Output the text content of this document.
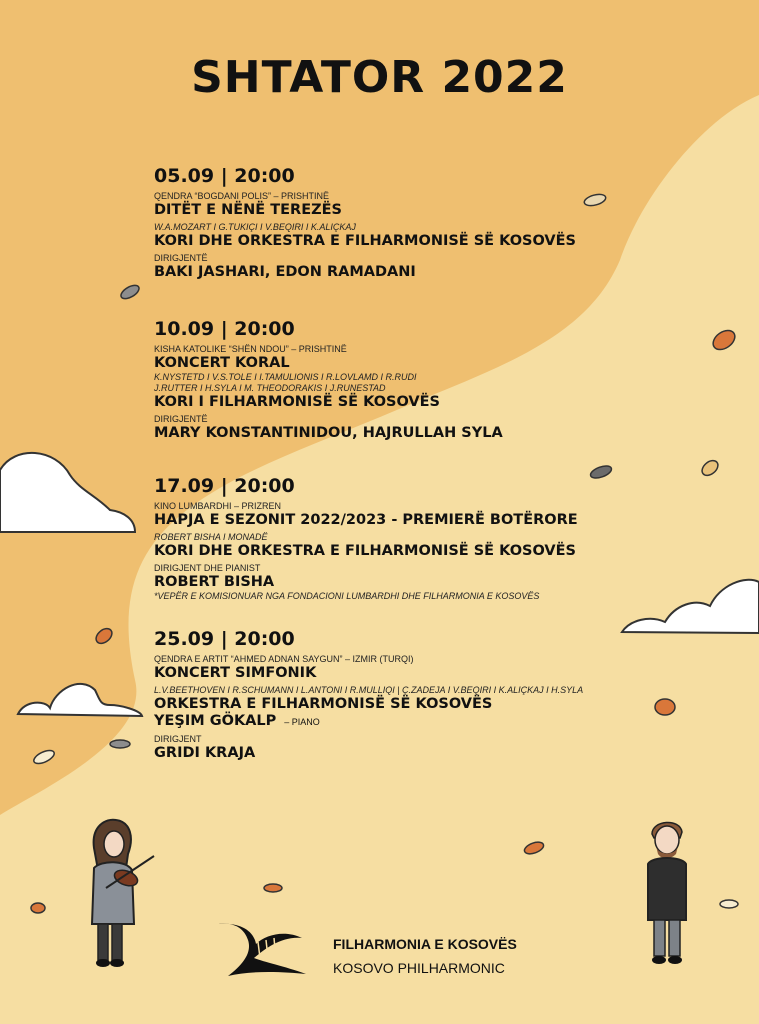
SHTATOR 2022
05.09 | 20:00
QENDRA “BOGDANI POLIS” – PRISHTINË
DITËT E NËNË TEREZËS
W.A.MOZART I G.TUKIÇI I V.BEQIRI I K.ALIÇKAJ
KORI DHE ORKESTRA E FILHARMONISË SË KOSOVËS
DIRIGJENTË
BAKI JASHARI, EDON RAMADANI
10.09 | 20:00
KISHA KATOLIKE “SHËN NDOU” – PRISHTINË
KONCERT KORAL
K.NYSTETD I V.S.TOLE I I.TAMULIONIS I R.LOVLAMD I R.RUDI
J.RUTTER I H.SYLA I M. THEODORAKIS I J.RUNESTAD
KORI I FILHARMONISË SË KOSOVËS
DIRIGJENTË
MARY KONSTANTINIDOU, HAJRULLAH SYLA
17.09 | 20:00
KINO LUMBARDHI – PRIZREN
HAPJA E SEZONIT 2022/2023 - PREMIERË BOTËRORE
ROBERT BISHA I MONADË
KORI DHE ORKESTRA E FILHARMONISË SË KOSOVËS
DIRIGJENT DHE PIANIST
ROBERT BISHA
*VEPËR E KOMISIONUAR NGA FONDACIONI LUMBARDHI DHE FILHARMONIA E KOSOVËS
25.09 | 20:00
QENDRA E ARTIT “AHMED ADNAN SAYGUN” – IZMIR (TURQI)
KONCERT SIMFONIK
L.V.BEETHOVEN I R.SCHUMANN I L.ANTONI I R.MULLIQI | Ç.ZADEJA I V.BEQIRI I K.ALIÇKAJ I H.SYLA
ORKESTRA E FILHARMONISË SË KOSOVËS
YEŞIM GÖKALP – PIANO
DIRIGJENT
GRIDI KRAJA
FILHARMONIA E KOSOVËS
KOSOVO PHILHARMONIC
